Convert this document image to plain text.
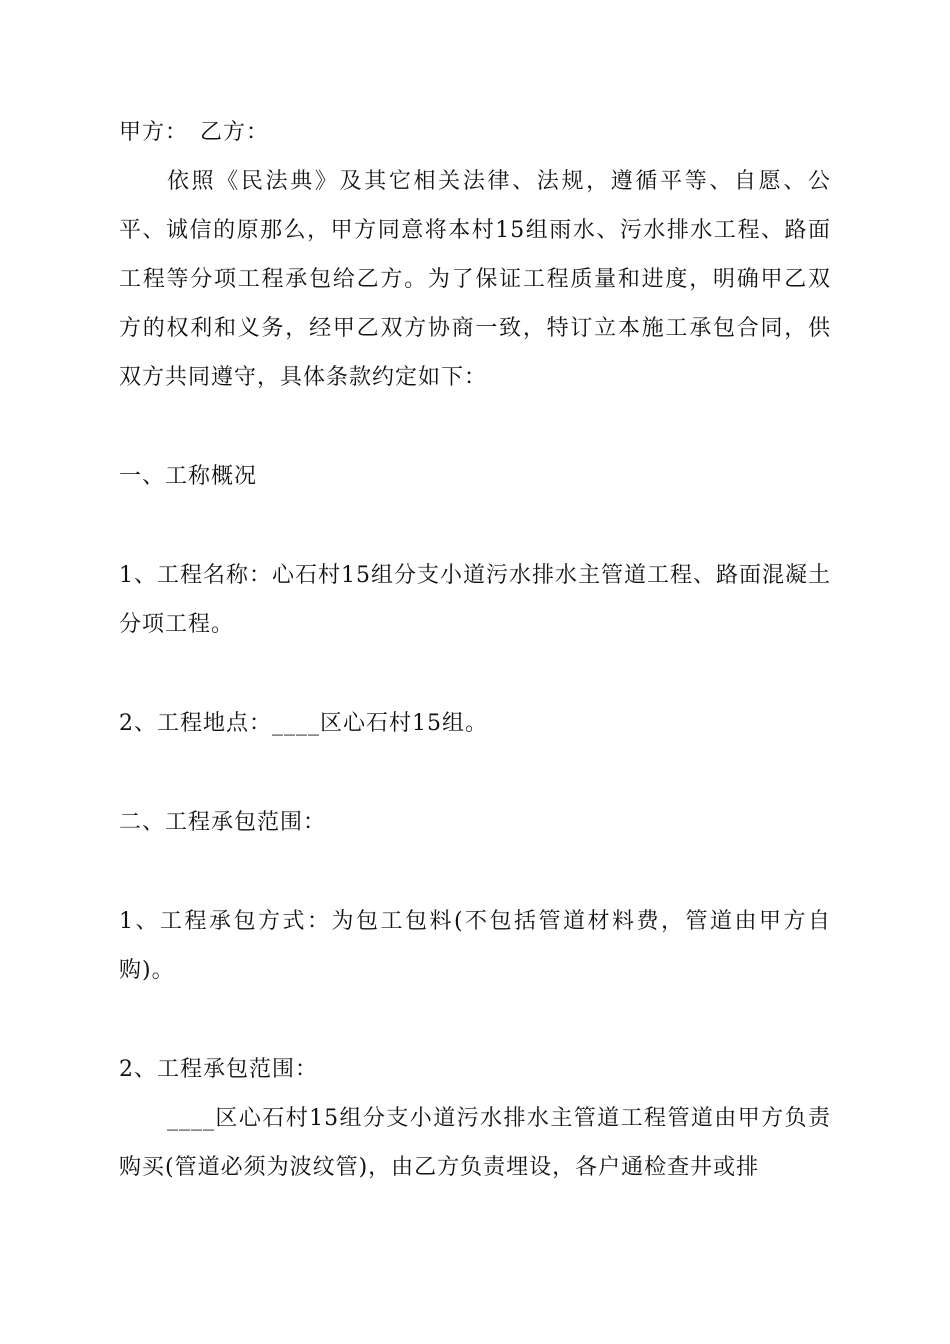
甲方：　乙方：

依照《民法典》及其它相关法律、法规，遵循平等、自愿、公平、诚信的原那么，甲方同意将本村15组雨水、污水排水工程、路面工程等分项工程承包给乙方。为了保证工程质量和进度，明确甲乙双方的权利和义务，经甲乙双方协商一致，特订立本施工承包合同，供双方共同遵守，具体条款约定如下：

一、工称概况

1、工程名称：心石村15组分支小道污水排水主管道工程、路面混凝土分项工程。

2、工程地点：____区心石村15组。

二、工程承包范围：

1、工程承包方式：为包工包料(不包括管道材料费，管道由甲方自购)。

2、工程承包范围：

____区心石村15组分支小道污水排水主管道工程管道由甲方负责购买(管道必须为波纹管)，由乙方负责埋设，各户通检查井或排
